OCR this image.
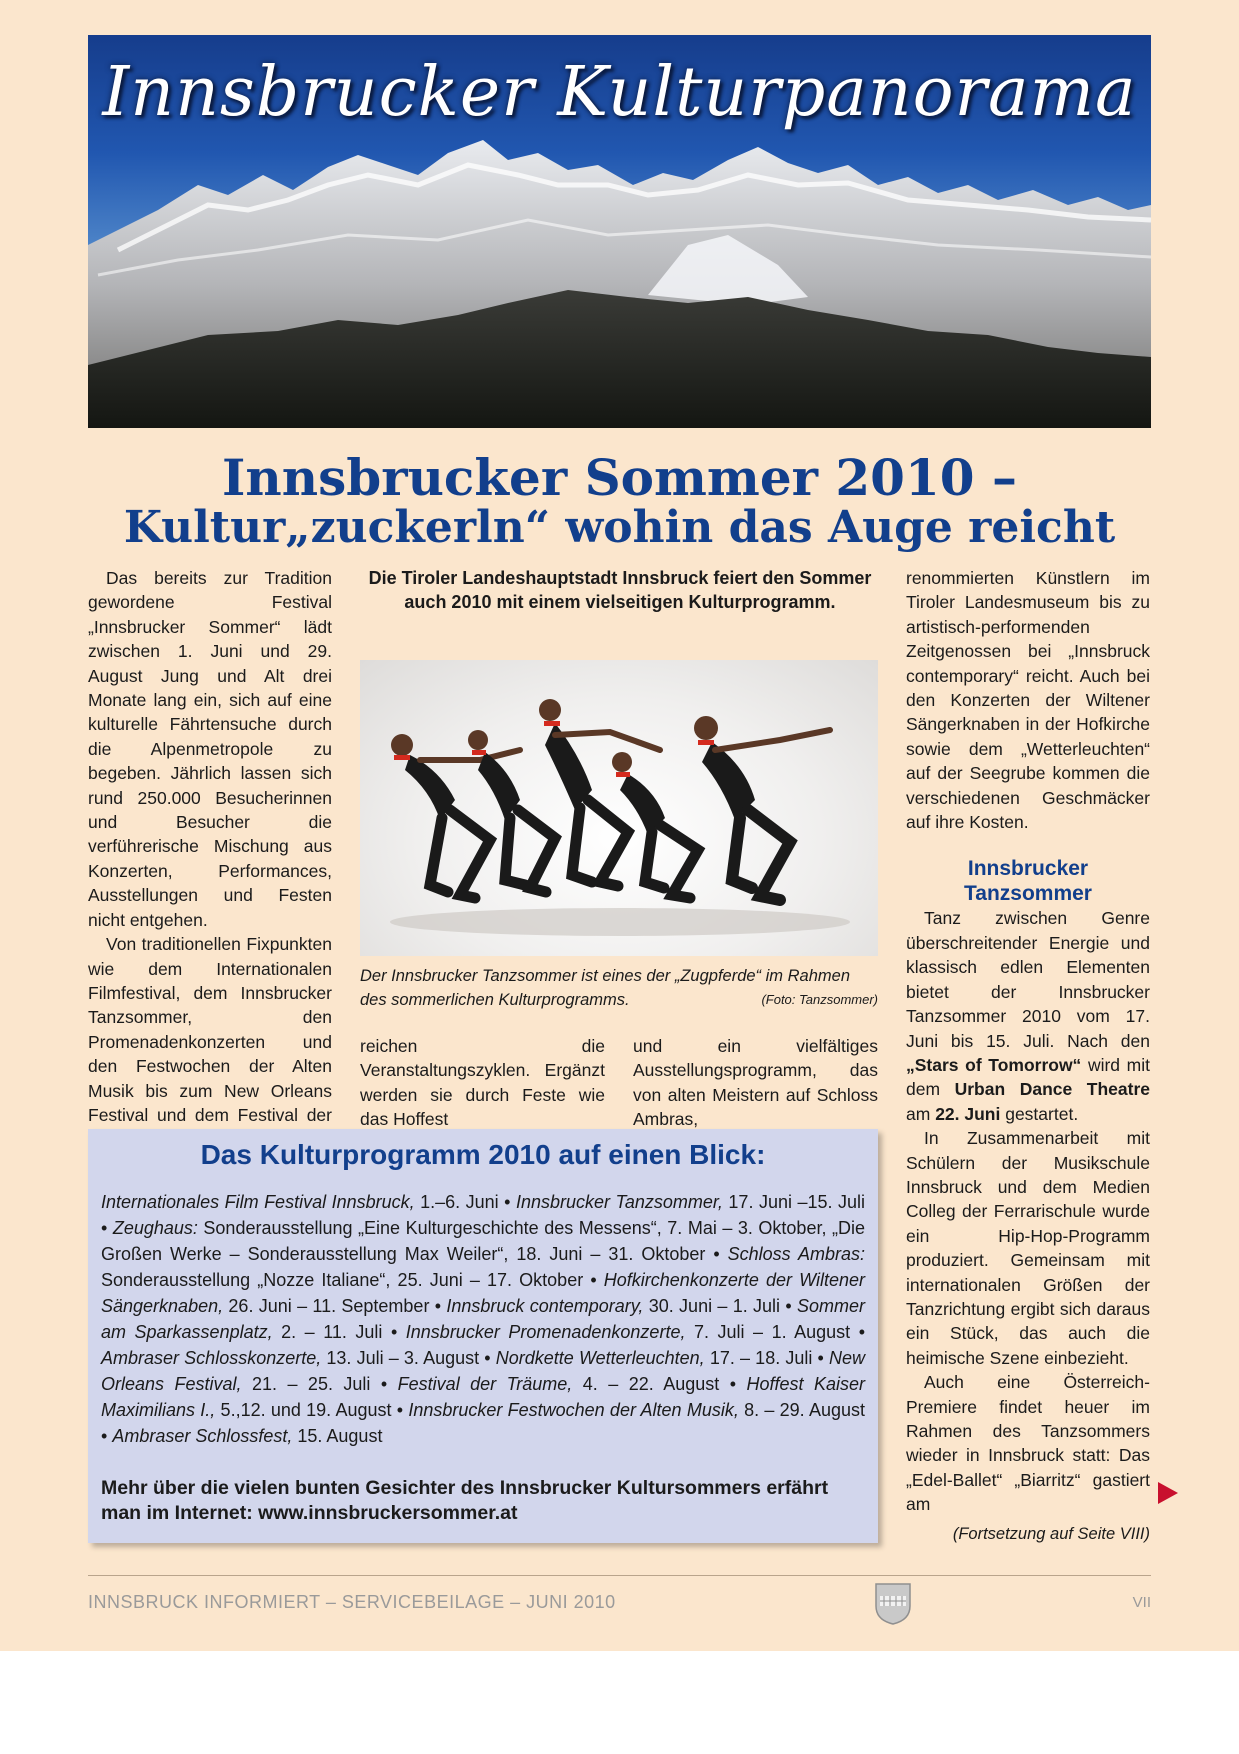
Innsbrucker Kulturpanorama
Innsbrucker Sommer 2010 –
Kultur„zuckerln“ wohin das Auge reicht

Das bereits zur Tradition gewordene Festival „Innsbrucker Sommer“ lädt zwischen 1. Juni und 29. August Jung und Alt drei Monate lang ein, sich auf eine kulturelle Fährtensuche durch die Alpenmetropole zu begeben. Jährlich lassen sich rund 250.000 Besucherinnen und Besucher die verführerische Mischung aus Konzerten, Performances, Ausstellungen und Festen nicht entgehen.

Von traditionellen Fixpunkten wie dem Internationalen Filmfestival, dem Innsbrucker Tanzsommer, den Promenadenkonzerten und den Festwochen der Alten Musik bis zum New Orleans Festival und dem Festival der

Die Tiroler Landeshauptstadt Innsbruck feiert den Sommer auch 2010 mit einem vielseitigen Kulturprogramm.
Der Innsbrucker Tanzsommer ist eines der „Zugpferde“ im Rahmen des sommerlichen Kulturprogramms.	(Foto: Tanzsommer)

reichen die Veranstaltungszyklen. Ergänzt werden sie durch Feste wie das Hoffest

und ein vielfältiges Ausstellungsprogramm, das von alten Meistern auf Schloss Ambras,

renommierten Künstlern im Tiroler Landesmuseum bis zu artistisch-performenden Zeitgenossen bei „Innsbruck contemporary“ reicht. Auch bei den Konzerten der Wiltener Sängerknaben in der Hofkirche sowie dem „Wetterleuchten“ auf der Seegrube kommen die verschiedenen Geschmäcker auf ihre Kosten.

Innsbrucker Tanzsommer

Tanz zwischen Genre überschreitender Energie und klassisch edlen Elementen bietet der Innsbrucker Tanzsommer 2010 vom 17. Juni bis 15. Juli. Nach den „Stars of Tomorrow“ wird mit dem Urban Dance Theatre am 22. Juni gestartet.

In Zusammenarbeit mit Schülern der Musikschule Innsbruck und dem Medien Colleg der Ferrarischule wurde ein Hip-Hop-Programm produziert. Gemeinsam mit internationalen Größen der Tanzrichtung ergibt sich daraus ein Stück, das auch die heimische Szene einbezieht.

Auch eine Österreich-Premiere findet heuer im Rahmen des Tanzsommers wieder in Innsbruck statt: Das „Edel-Ballet“ „Biarritz“ gastiert am

(Fortsetzung auf Seite VIII)
Das Kulturprogramm 2010 auf einen Blick:
Internationales Film Festival Innsbruck, 1.–6. Juni • Innsbrucker Tanzsommer, 17. Juni –15. Juli • Zeughaus: Sonderausstellung „Eine Kulturgeschichte des Messens“, 7. Mai – 3. Oktober, „Die Großen Werke – Sonderausstellung Max Weiler“, 18. Juni – 31. Oktober • Schloss Ambras: Sonderausstellung „Nozze Italiane“, 25. Juni – 17. Oktober • Hofkirchenkonzerte der Wiltener Sängerknaben, 26. Juni – 11. September • Innsbruck contemporary, 30. Juni – 1. Juli • Sommer am Sparkassenplatz, 2. – 11. Juli • Innsbrucker Promenadenkonzerte, 7. Juli – 1. August • Ambraser Schlosskonzerte, 13. Juli – 3. August • Nordkette Wetterleuchten, 17. – 18. Juli • New Orleans Festival, 21. – 25. Juli • Festival der Träume, 4. – 22. August • Hoffest Kaiser Maximilians I., 5.,12. und 19. August • Innsbrucker Festwochen der Alten Musik, 8. – 29. August • Ambraser Schlossfest, 15. August
Mehr über die vielen bunten Gesichter des Innsbrucker Kultursommers erfährt man im Internet: www.innsbruckersommer.at
INNSBRUCK INFORMIERT – SERVICEBEILAGE – JUNI 2010	VII
